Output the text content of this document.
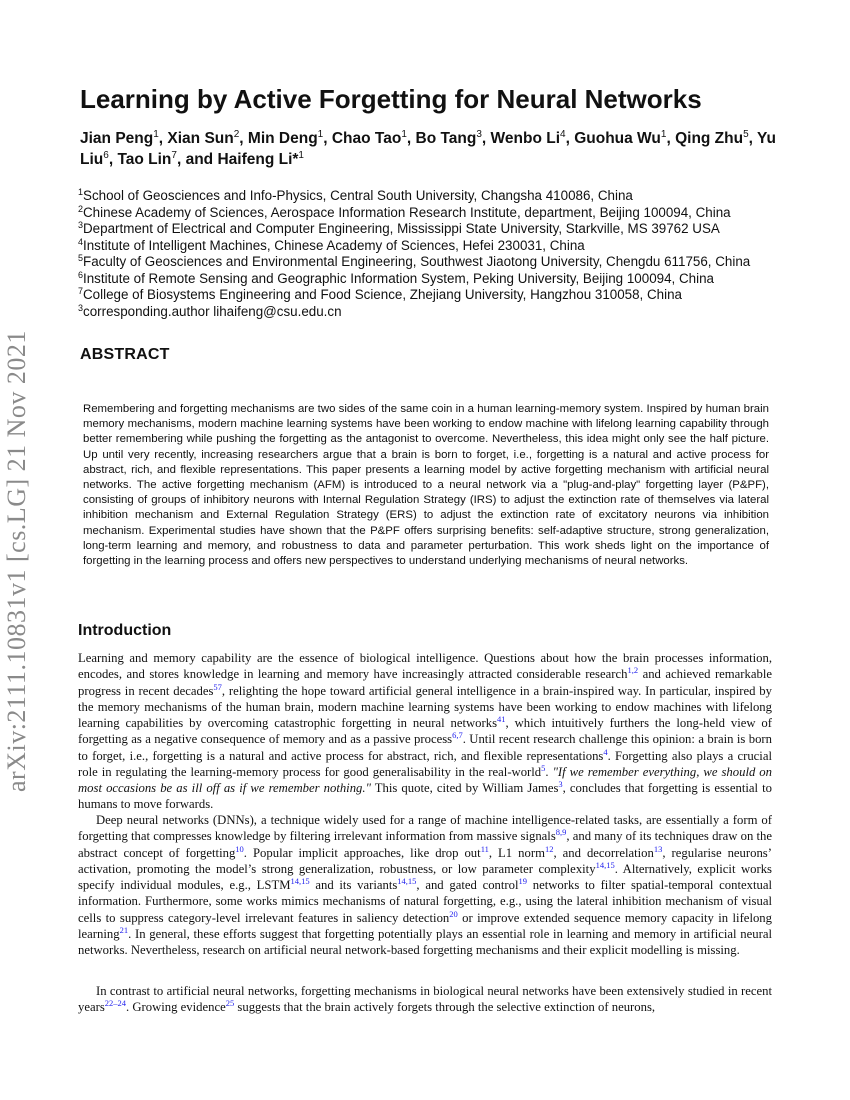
arXiv:2111.10831v1 [cs.LG] 21 Nov 2021
Learning by Active Forgetting for Neural Networks

Jian Peng$^1$, Xian Sun$^2$, Min Deng$^1$, Chao Tao$^1$, Bo Tang$^3$, Wenbo Li$^4$, Guohua Wu$^1$, Qing Zhu$^5$, Yu Liu$^6$, Tao Lin$^7$, and Haifeng Li*$^1$

$^1$School of Geosciences and Info-Physics, Central South University, Changsha 410086, China
$^2$Chinese Academy of Sciences, Aerospace Information Research Institute, department, Beijing 100094, China
$^3$Department of Electrical and Computer Engineering, Mississippi State University, Starkville, MS 39762 USA
$^4$Institute of Intelligent Machines, Chinese Academy of Sciences, Hefei 230031, China
$^5$Faculty of Geosciences and Environmental Engineering, Southwest Jiaotong University, Chengdu 611756, China
$^6$Institute of Remote Sensing and Geographic Information System, Peking University, Beijing 100094, China
$^7$College of Biosystems Engineering and Food Science, Zhejiang University, Hangzhou 310058, China
$^3$corresponding.author lihaifeng@csu.edu.cn
ABSTRACT

Remembering and forgetting mechanisms are two sides of the same coin in a human learning-memory system. Inspired by human brain memory mechanisms, modern machine learning systems have been working to endow machine with lifelong learning capability through better remembering while pushing the forgetting as the antagonist to overcome. Nevertheless, this idea might only see the half picture. Up until very recently, increasing researchers argue that a brain is born to forget, i.e., forgetting is a natural and active process for abstract, rich, and flexible representations. This paper presents a learning model by active forgetting mechanism with artificial neural networks. The active forgetting mechanism (AFM) is introduced to a neural network via a "plug-and-play" forgetting layer (P&PF), consisting of groups of inhibitory neurons with Internal Regulation Strategy (IRS) to adjust the extinction rate of themselves via lateral inhibition mechanism and External Regulation Strategy (ERS) to adjust the extinction rate of excitatory neurons via inhibition mechanism. Experimental studies have shown that the P&PF offers surprising benefits: self-adaptive structure, strong generalization, long-term learning and memory, and robustness to data and parameter perturbation. This work sheds light on the importance of forgetting in the learning process and offers new perspectives to understand underlying mechanisms of neural networks.

Introduction

Learning and memory capability are the essence of biological intelligence. Questions about how the brain processes information, encodes, and stores knowledge in learning and memory have increasingly attracted considerable research$^{1,2}$ and achieved remarkable progress in recent decades$^{57}$, relighting the hope toward artificial general intelligence in a brain-inspired way. In particular, inspired by the memory mechanisms of the human brain, modern machine learning systems have been working to endow machines with lifelong learning capabilities by overcoming catastrophic forgetting in neural networks$^{41}$, which intuitively furthers the long-held view of forgetting as a negative consequence of memory and as a passive process$^{6,7}$. Until recent research challenge this opinion: a brain is born to forget, i.e., forgetting is a natural and active process for abstract, rich, and flexible representations$^4$. Forgetting also plays a crucial role in regulating the learning-memory process for good generalisability in the real-world$^5$. "If we remember everything, we should on most occasions be as ill off as if we remember nothing." This quote, cited by William James$^3$, concludes that forgetting is essential to humans to move forwards.

Deep neural networks (DNNs), a technique widely used for a range of machine intelligence-related tasks, are essentially a form of forgetting that compresses knowledge by filtering irrelevant information from massive signals$^{8,9}$, and many of its techniques draw on the abstract concept of forgetting$^{10}$. Popular implicit approaches, like drop out$^{11}$, L1 norm$^{12}$, and decorrelation$^{13}$, regularise neurons’ activation, promoting the model’s strong generalization, robustness, or low parameter complexity$^{14,15}$. Alternatively, explicit works specify individual modules, e.g., LSTM$^{14,15}$ and its variants$^{14,15}$, and gated control$^{19}$ networks to filter spatial-temporal contextual information. Furthermore, some works mimics mechanisms of natural forgetting, e.g., using the lateral inhibition mechanism of visual cells to suppress category-level irrelevant features in saliency detection$^{20}$ or improve extended sequence memory capacity in lifelong learning$^{21}$. In general, these efforts suggest that forgetting potentially plays an essential role in learning and memory in artificial neural networks. Nevertheless, research on artificial neural network-based forgetting mechanisms and their explicit modelling is missing.

In contrast to artificial neural networks, forgetting mechanisms in biological neural networks have been extensively studied in recent years$^{22-24}$. Growing evidence$^{25}$ suggests that the brain actively forgets through the selective extinction of neurons,
